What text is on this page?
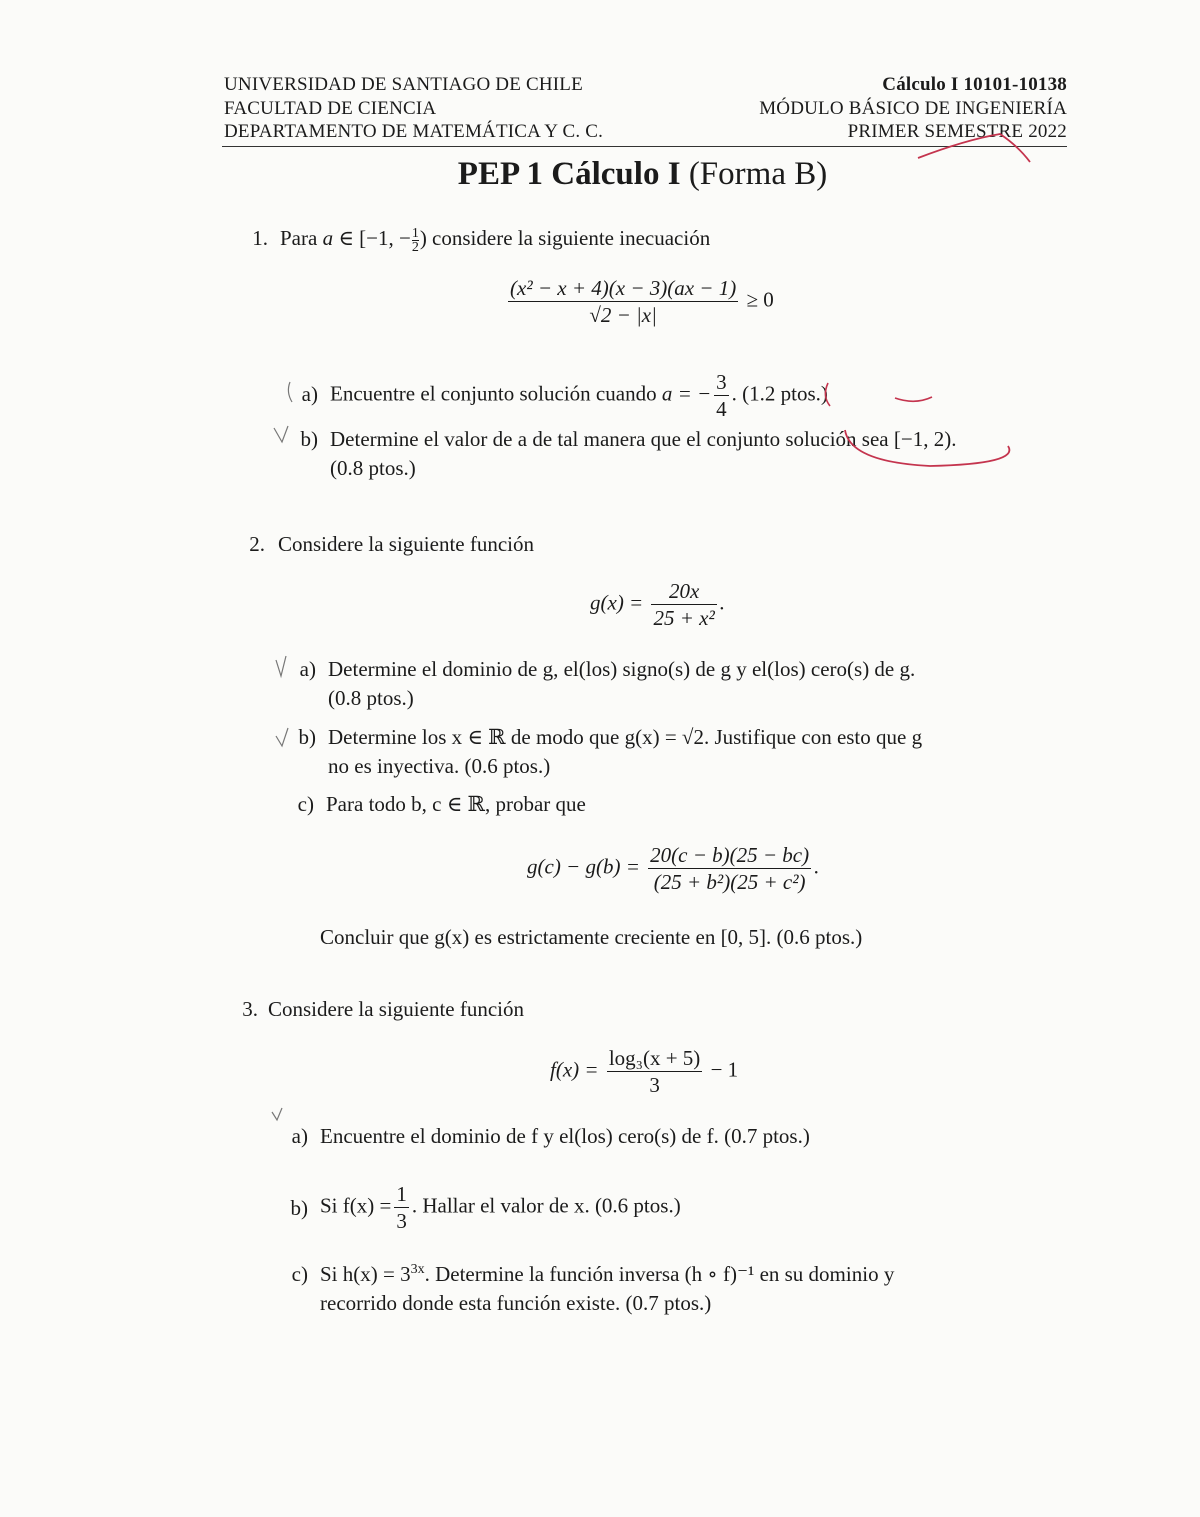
UNIVERSIDAD DE SANTIAGO DE CHILE
FACULTAD DE CIENCIA
DEPARTAMENTO DE MATEMÁTICA Y C. C.
Cálculo I 10101-10138
MÓDULO BÁSICO DE INGENIERÍA
PRIMER SEMESTRE 2022
PEP 1 Cálculo I (Forma B)
1. Para a ∈ [−1, − $\frac{1}{2}$ ) considere la siguiente inecuación
$\frac{\text{(x² − x + 4)(x − 3)(ax − 1)}}{√2 - |x|} \ge 0$
a) Encuentre el conjunto solución cuando a = − $\frac{3}{4}$ . (1.2 ptos.)
b) Determine el valor de a de tal manera que el conjunto solución sea [−1, 2).
(0.8 ptos.)
2. Considere la siguiente función
$g(x) = \frac{20x}{\text{25 + x²}}$ .
a) Determine el dominio de g, el(los) signo(s) de g y el(los) cero(s) de g.
(0.8 ptos.)
b) Determine los x ∈ ℝ de modo que g(x) = √2. Justifique con esto que g
no es inyectiva. (0.6 ptos.)
c) Para todo b, c ∈ ℝ, probar que
$g(c) - g(b) = \frac{20(c - b)(25 - bc)}{\text{(25 + b²)(25 + c²)}}$ .
Concluir que g(x) es estrictamente creciente en [0, 5]. (0.6 ptos.)
3. Considere la siguiente función
$f(x) = \frac{\text{log₃(x + 5)}}{3} - 1$
a) Encuentre el dominio de f y el(los) cero(s) de f. (0.7 ptos.)
b) Si $f(x) = \frac{1}{3}$ . Hallar el valor de x. (0.6 ptos.)
c) Si $h(x) = 3^{3x}$. Determine la función inversa (h ∘ f)⁻¹ en su dominio y
recorrido donde esta función existe. (0.7 ptos.)
